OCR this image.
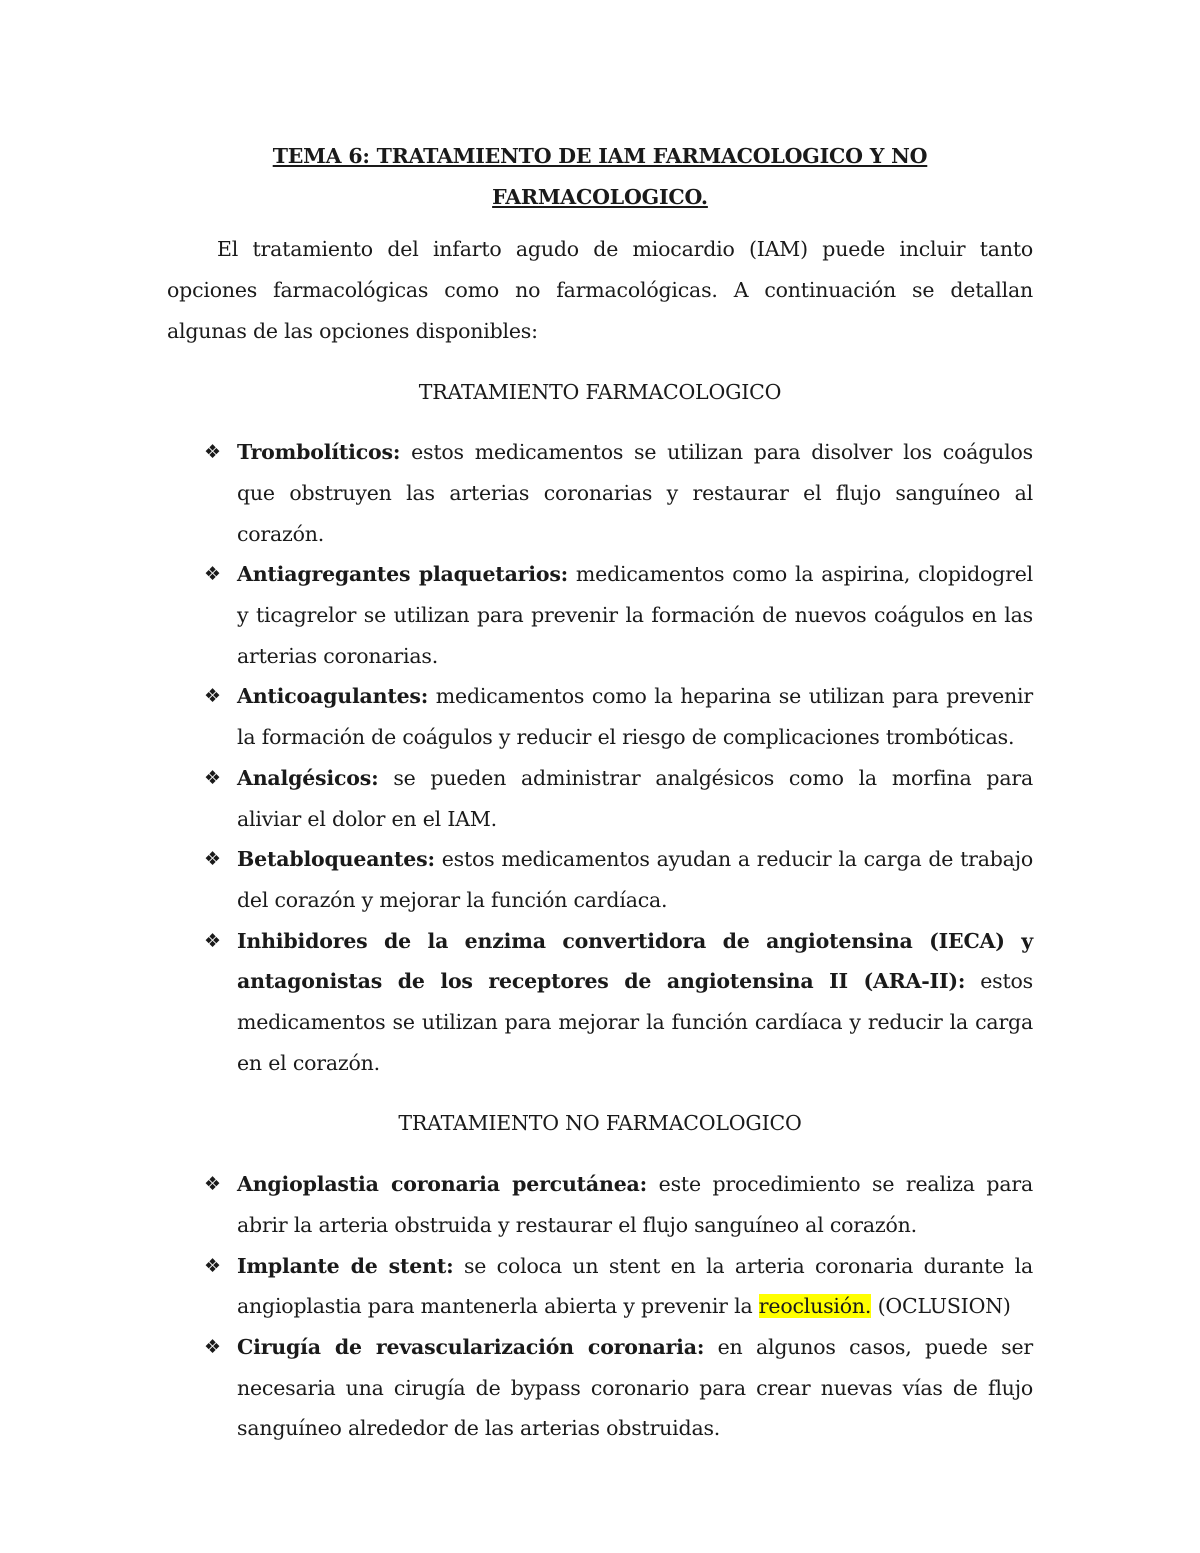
TEMA 6: TRATAMIENTO DE IAM FARMACOLOGICO Y NO FARMACOLOGICO.

El tratamiento del infarto agudo de miocardio (IAM) puede incluir tanto opciones farmacológicas como no farmacológicas. A continuación se detallan algunas de las opciones disponibles:

TRATAMIENTO FARMACOLOGICO

❖ Trombolíticos: estos medicamentos se utilizan para disolver los coágulos que obstruyen las arterias coronarias y restaurar el flujo sanguíneo al corazón.
❖ Antiagregantes plaquetarios: medicamentos como la aspirina, clopidogrel y ticagrelor se utilizan para prevenir la formación de nuevos coágulos en las arterias coronarias.
❖ Anticoagulantes: medicamentos como la heparina se utilizan para prevenir la formación de coágulos y reducir el riesgo de complicaciones trombóticas.
❖ Analgésicos: se pueden administrar analgésicos como la morfina para aliviar el dolor en el IAM.
❖ Betabloqueantes: estos medicamentos ayudan a reducir la carga de trabajo del corazón y mejorar la función cardíaca.
❖ Inhibidores de la enzima convertidora de angiotensina (IECA) y antagonistas de los receptores de angiotensina II (ARA-II): estos medicamentos se utilizan para mejorar la función cardíaca y reducir la carga en el corazón.

TRATAMIENTO NO FARMACOLOGICO

❖ Angioplastia coronaria percutánea: este procedimiento se realiza para abrir la arteria obstruida y restaurar el flujo sanguíneo al corazón.
❖ Implante de stent: se coloca un stent en la arteria coronaria durante la angioplastia para mantenerla abierta y prevenir la reoclusión. (OCLUSION)
❖ Cirugía de revascularización coronaria: en algunos casos, puede ser necesaria una cirugía de bypass coronario para crear nuevas vías de flujo sanguíneo alrededor de las arterias obstruidas.
